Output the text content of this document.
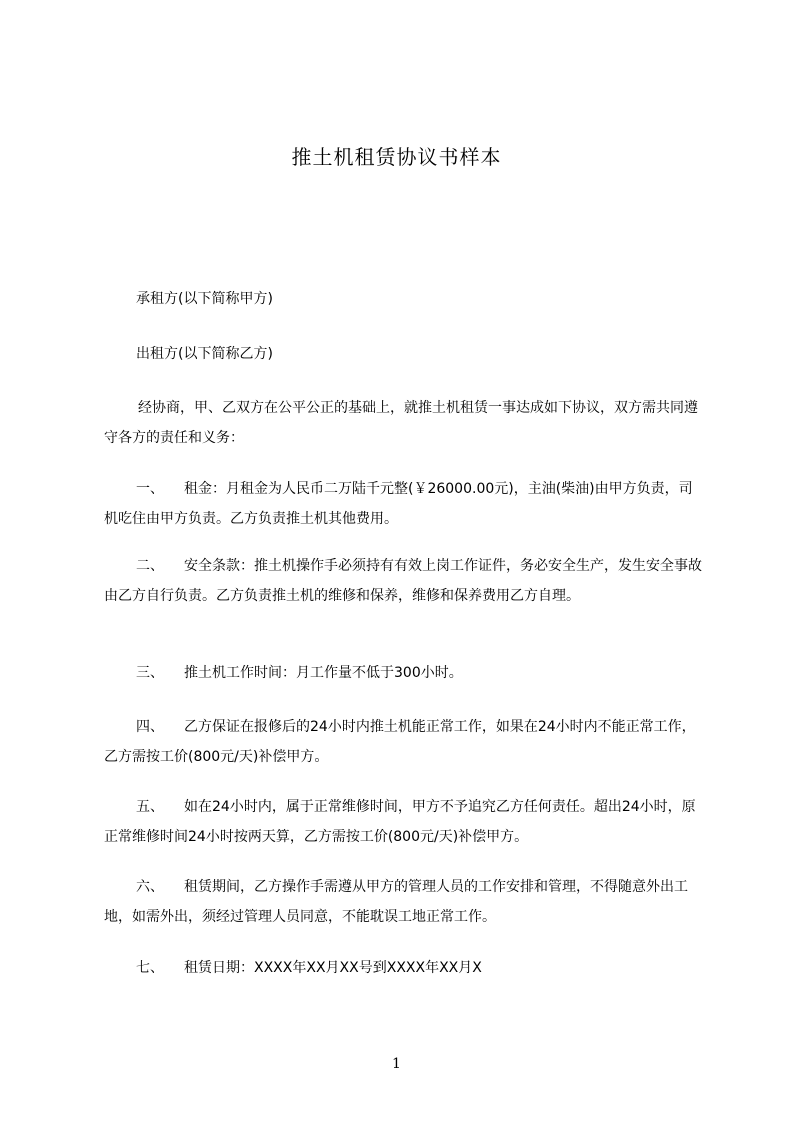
推土机租赁协议书样本

承租方(以下简称甲方)

出租方(以下简称乙方)

经协商，甲、乙双方在公平公正的基础上，就推土机租赁一事达成如下协议，双方需共同遵守各方的责任和义务：

一、 租金：月租金为人民币二万陆千元整(￥26000.00元)，主油(柴油)由甲方负责，司机吃住由甲方负责。乙方负责推土机其他费用。

二、 安全条款：推土机操作手必须持有有效上岗工作证件，务必安全生产，发生安全事故由乙方自行负责。乙方负责推土机的维修和保养，维修和保养费用乙方自理。

三、 推土机工作时间：月工作量不低于300小时。

四、 乙方保证在报修后的24小时内推土机能正常工作，如果在24小时内不能正常工作，乙方需按工价(800元/天)补偿甲方。

五、 如在24小时内，属于正常维修时间，甲方不予追究乙方任何责任。超出24小时，原正常维修时间24小时按两天算，乙方需按工价(800元/天)补偿甲方。

六、 租赁期间，乙方操作手需遵从甲方的管理人员的工作安排和管理，不得随意外出工地，如需外出，须经过管理人员同意，不能耽误工地正常工作。

七、 租赁日期：XXXX年XX月XX号到XXXX年XX月X

1
